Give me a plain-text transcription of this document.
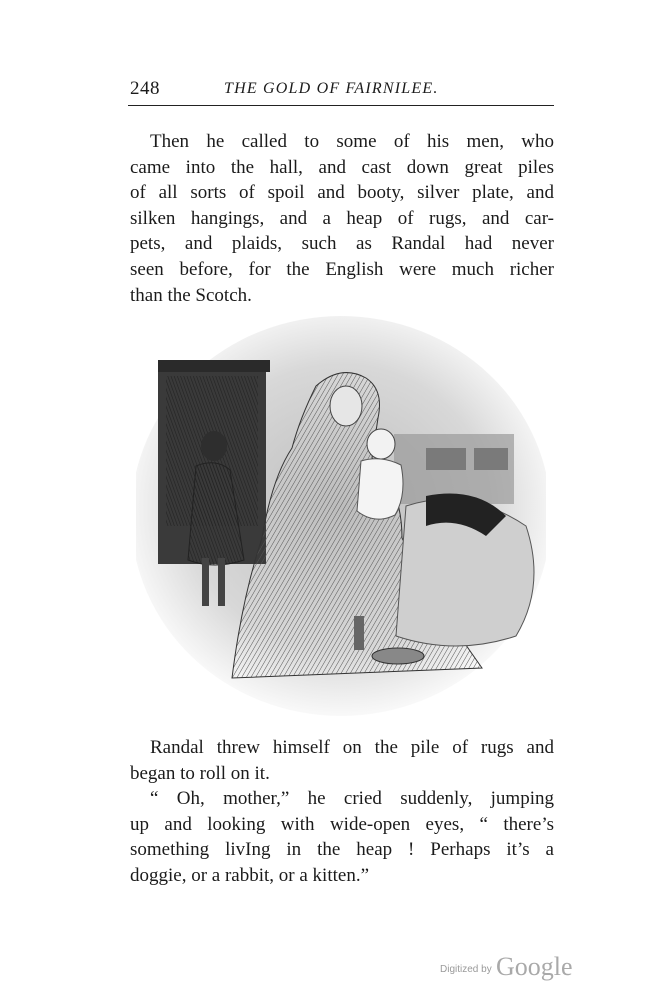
248	THE GOLD OF FAIRNILEE.

Then he called to some of his men, who
came into the hall, and cast down great piles
of all sorts of spoil and booty, silver plate, and
silken hangings, and a heap of rugs, and car-
pets, and plaids, such as Randal had never
seen before, for the English were much richer
than the Scotch.

Randal threw himself on the pile of rugs and
began to roll on it.

“ Oh, mother,” he cried suddenly, jumping
up and looking with wide-open eyes, “ there’s
something livIng in the heap ! Perhaps it’s a
doggie, or a rabbit, or a kitten.”

Digitized by Google
